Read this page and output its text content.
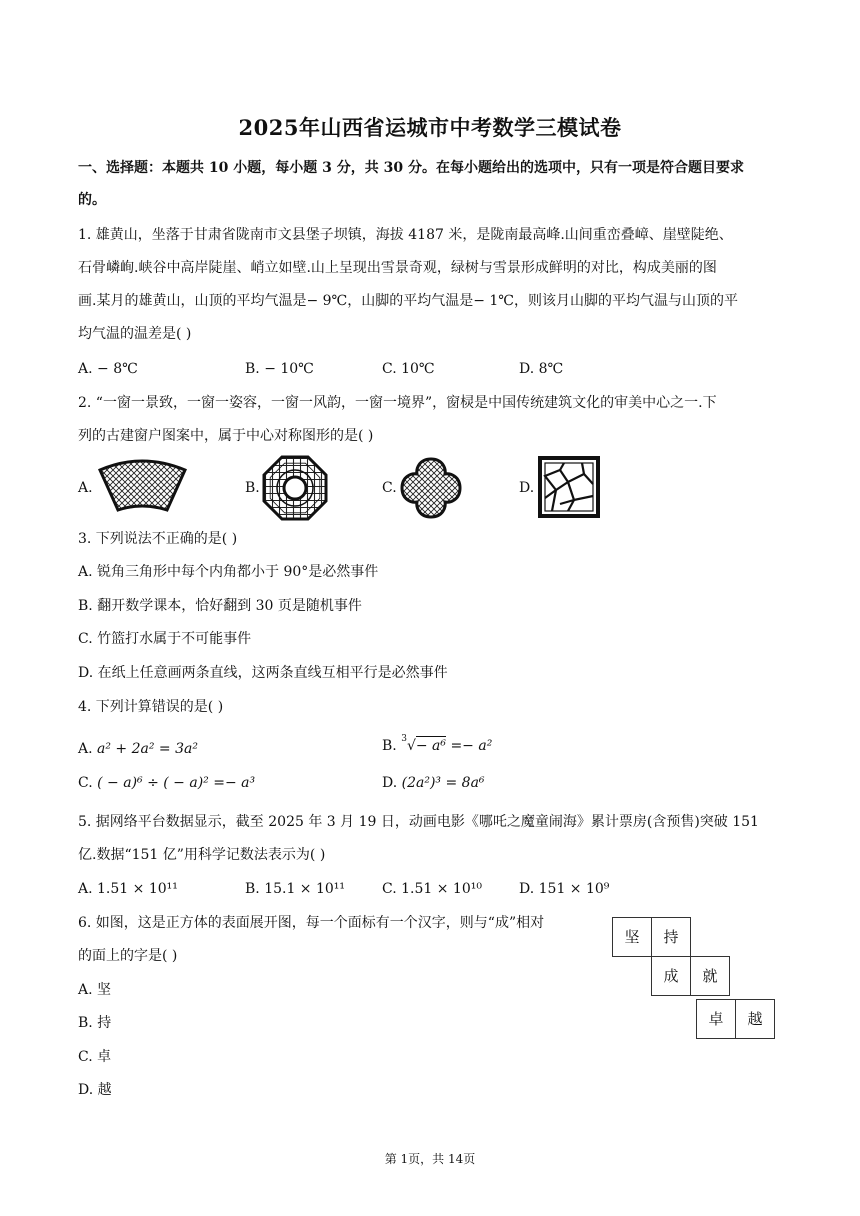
2025年山西省运城市中考数学三模试卷
一、选择题：本题共 10 小题，每小题 3 分，共 30 分。在每小题给出的选项中，只有一项是符合题目要求
的。
1. 雄黄山，坐落于甘肃省陇南市文县堡子坝镇，海拔 4187 米，是陇南最高峰.山间重峦叠嶂、崖壁陡绝、
石骨嶙峋.峡谷中高岸陡崖、峭立如壁.山上呈现出雪景奇观，绿树与雪景形成鲜明的对比，构成美丽的图
画.某月的雄黄山，山顶的平均气温是− 9℃，山脚的平均气温是− 1℃，则该月山脚的平均气温与山顶的平
均气温的温差是( )
A. − 8℃	B. − 10℃	C. 10℃	D. 8℃
2. “一窗一景致，一窗一姿容，一窗一风韵，一窗一境界”，窗棂是中国传统建筑文化的审美中心之一.下
列的古建窗户图案中，属于中心对称图形的是( )
A.	B.	C.	D.
3. 下列说法不正确的是( )
A. 锐角三角形中每个内角都小于 90°是必然事件
B. 翻开数学课本，恰好翻到 30 页是随机事件
C. 竹篮打水属于不可能事件
D. 在纸上任意画两条直线，这两条直线互相平行是必然事件
4. 下列计算错误的是( )
A. a² + 2a² = 3a²	B. $^3$√− a⁶ =− a²
C. ( − a)⁶ ÷ ( − a)² =− a³	D. (2a²)³ = 8a⁶
5. 据网络平台数据显示，截至 2025 年 3 月 19 日，动画电影《哪吒之魔童闹海》累计票房(含预售)突破 151
亿.数据“151 亿”用科学记数法表示为( )
A. 1.51 × 10¹¹	B. 15.1 × 10¹¹	C. 1.51 × 10¹⁰	D. 151 × 10⁹
6. 如图，这是正方体的表面展开图，每一个面标有一个汉字，则与“成”相对
的面上的字是( )
A. 坚
B. 持
C. 卓
D. 越
坚	持
成	就
卓	越
第 1页，共 14页
